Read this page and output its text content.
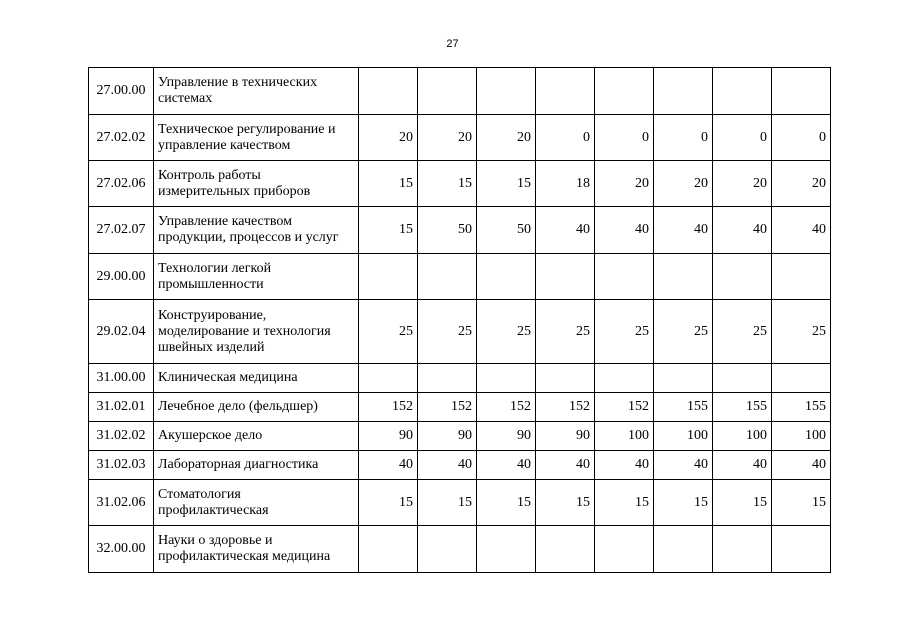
27
27.00.00	Управление в технических системах								
27.02.02	Техническое регулирование и управление качеством	20	20	20	0	0	0	0	0
27.02.06	Контроль работы измерительных приборов	15	15	15	18	20	20	20	20
27.02.07	Управление качеством продукции, процессов и услуг	15	50	50	40	40	40	40	40
29.00.00	Технологии легкой промышленности								
29.02.04	Конструирование, моделирование и технология швейных изделий	25	25	25	25	25	25	25	25
31.00.00	Клиническая медицина								
31.02.01	Лечебное дело (фельдшер)	152	152	152	152	152	155	155	155
31.02.02	Акушерское дело	90	90	90	90	100	100	100	100
31.02.03	Лабораторная диагностика	40	40	40	40	40	40	40	40
31.02.06	Стоматология профилактическая	15	15	15	15	15	15	15	15
32.00.00	Науки о здоровье и профилактическая медицина								
